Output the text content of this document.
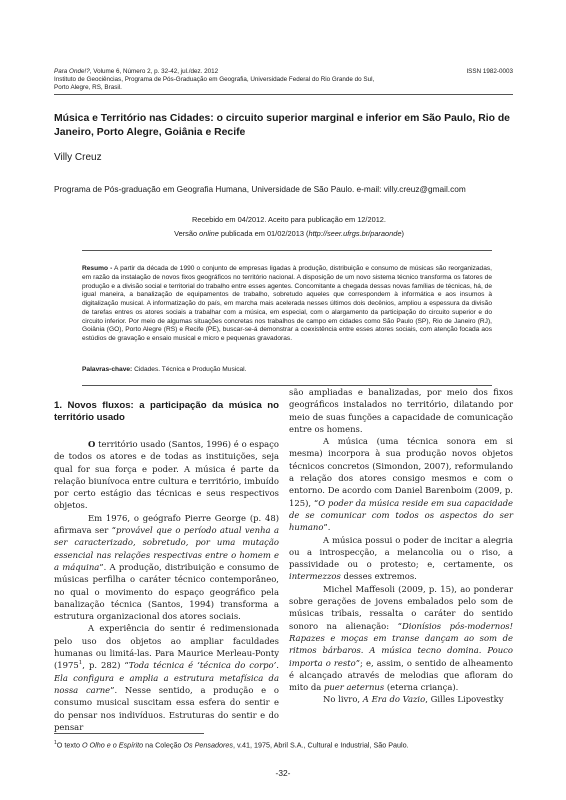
Para Onde!?, Volume 6, Número 2, p. 32-42, jul./dez. 2012
Instituto de Geociências, Programa de Pós-Graduação em Geografia, Universidade Federal do Rio Grande do Sul,
Porto Alegre, RS, Brasil.
ISSN 1982-0003
Música e Território nas Cidades: o circuito superior marginal e inferior em São Paulo, Rio de Janeiro, Porto Alegre, Goiânia e Recife
Villy Creuz
Programa de Pós-graduação em Geografia Humana, Universidade de São Paulo. e-mail: villy.creuz@gmail.com
Recebido em 04/2012. Aceito para publicação em 12/2012.
Versão online publicada em 01/02/2013 (http://seer.ufrgs.br/paraonde)
Resumo - A partir da década de 1990 o conjunto de empresas ligadas à produção, distribuição e consumo de músicas são reorganizadas, em razão da instalação de novos fixos geográficos no território nacional. A disposição de um novo sistema técnico transforma os fatores de produção e a divisão social e territorial do trabalho entre esses agentes. Concomitante a chegada dessas novas famílias de técnicas, há, de igual maneira, a banalização de equipamentos de trabalho, sobretudo aqueles que correspondem à informática e aos insumos à digitalização musical. A informatização do país, em marcha mais acelerada nesses últimos dois decênios, ampliou a espessura da divisão de tarefas entres os atores sociais a trabalhar com a música, em especial, com o alargamento da participação do circuito superior e do circuito inferior. Por meio de algumas situações concretas nos trabalhos de campo em cidades como São Paulo (SP), Rio de Janeiro (RJ), Goiânia (GO), Porto Alegre (RS) e Recife (PE), buscar-se-á demonstrar a coexistência entre esses atores sociais, com atenção focada aos estúdios de gravação e ensaio musical e micro e pequenas gravadoras.
Palavras-chave: Cidades. Técnica e Produção Musical.

1. Novos fluxos: a participação da música no território usado

O território usado (Santos, 1996) é o espaço de todos os atores e de todas as instituições, seja qual for sua força e poder. A música é parte da relação biunívoca entre cultura e território, imbuído por certo estágio das técnicas e seus respectivos objetos.

Em 1976, o geógrafo Pierre George (p. 48) afirmava ser “provável que o período atual venha a ser caracterizado, sobretudo, por uma mutação essencial nas relações respectivas entre o homem e a máquina”. A produção, distribuição e consumo de músicas perfilha o caráter técnico contemporâneo, no qual o movimento do espaço geográfico pela banalização técnica (Santos, 1994) transforma a estrutura organizacional dos atores sociais.

A experiência do sentir é redimensionada pelo uso dos objetos ao ampliar faculdades humanas ou limitá-las. Para Maurice Merleau-Ponty (1975$^1$, p. 282) “Toda técnica é ‘técnica do corpo’. Ela configura e amplia a estrutura metafísica da nossa carne”. Nesse sentido, a produção e o consumo musical suscitam essa esfera do sentir e do pensar nos indivíduos. Estruturas do sentir e do pensar

são ampliadas e banalizadas, por meio dos fixos geográficos instalados no território, dilatando por meio de suas funções a capacidade de comunicação entre os homens.

A música (uma técnica sonora em si mesma) incorpora à sua produção novos objetos técnicos concretos (Simondon, 2007), reformulando a relação dos atores consigo mesmos e com o entorno. De acordo com Daniel Barenboim (2009, p. 125), “O poder da música reside em sua capacidade de se comunicar com todos os aspectos do ser humano”.

A música possui o poder de incitar a alegria ou a introspecção, a melancolia ou o riso, a passividade ou o protesto; e, certamente, os intermezzos desses extremos.

Michel Maffesoli (2009, p. 15), ao ponderar sobre gerações de jovens embalados pelo som de músicas tribais, ressalta o caráter do sentido sonoro na alienação: “Dionísios pós-modernos! Rapazes e moças em transe dançam ao som de ritmos bárbaros. A música tecno domina. Pouco importa o resto”; e, assim, o sentido de alheamento é alcançado através de melodias que afloram do mito da puer aeternus (eterna criança).

No livro, A Era do Vazio, Gilles Lipovestky

$^1$O texto O Olho e o Espírito na Coleção Os Pensadores, v.41, 1975, Abril S.A., Cultural e Industrial, São Paulo.
-32-
